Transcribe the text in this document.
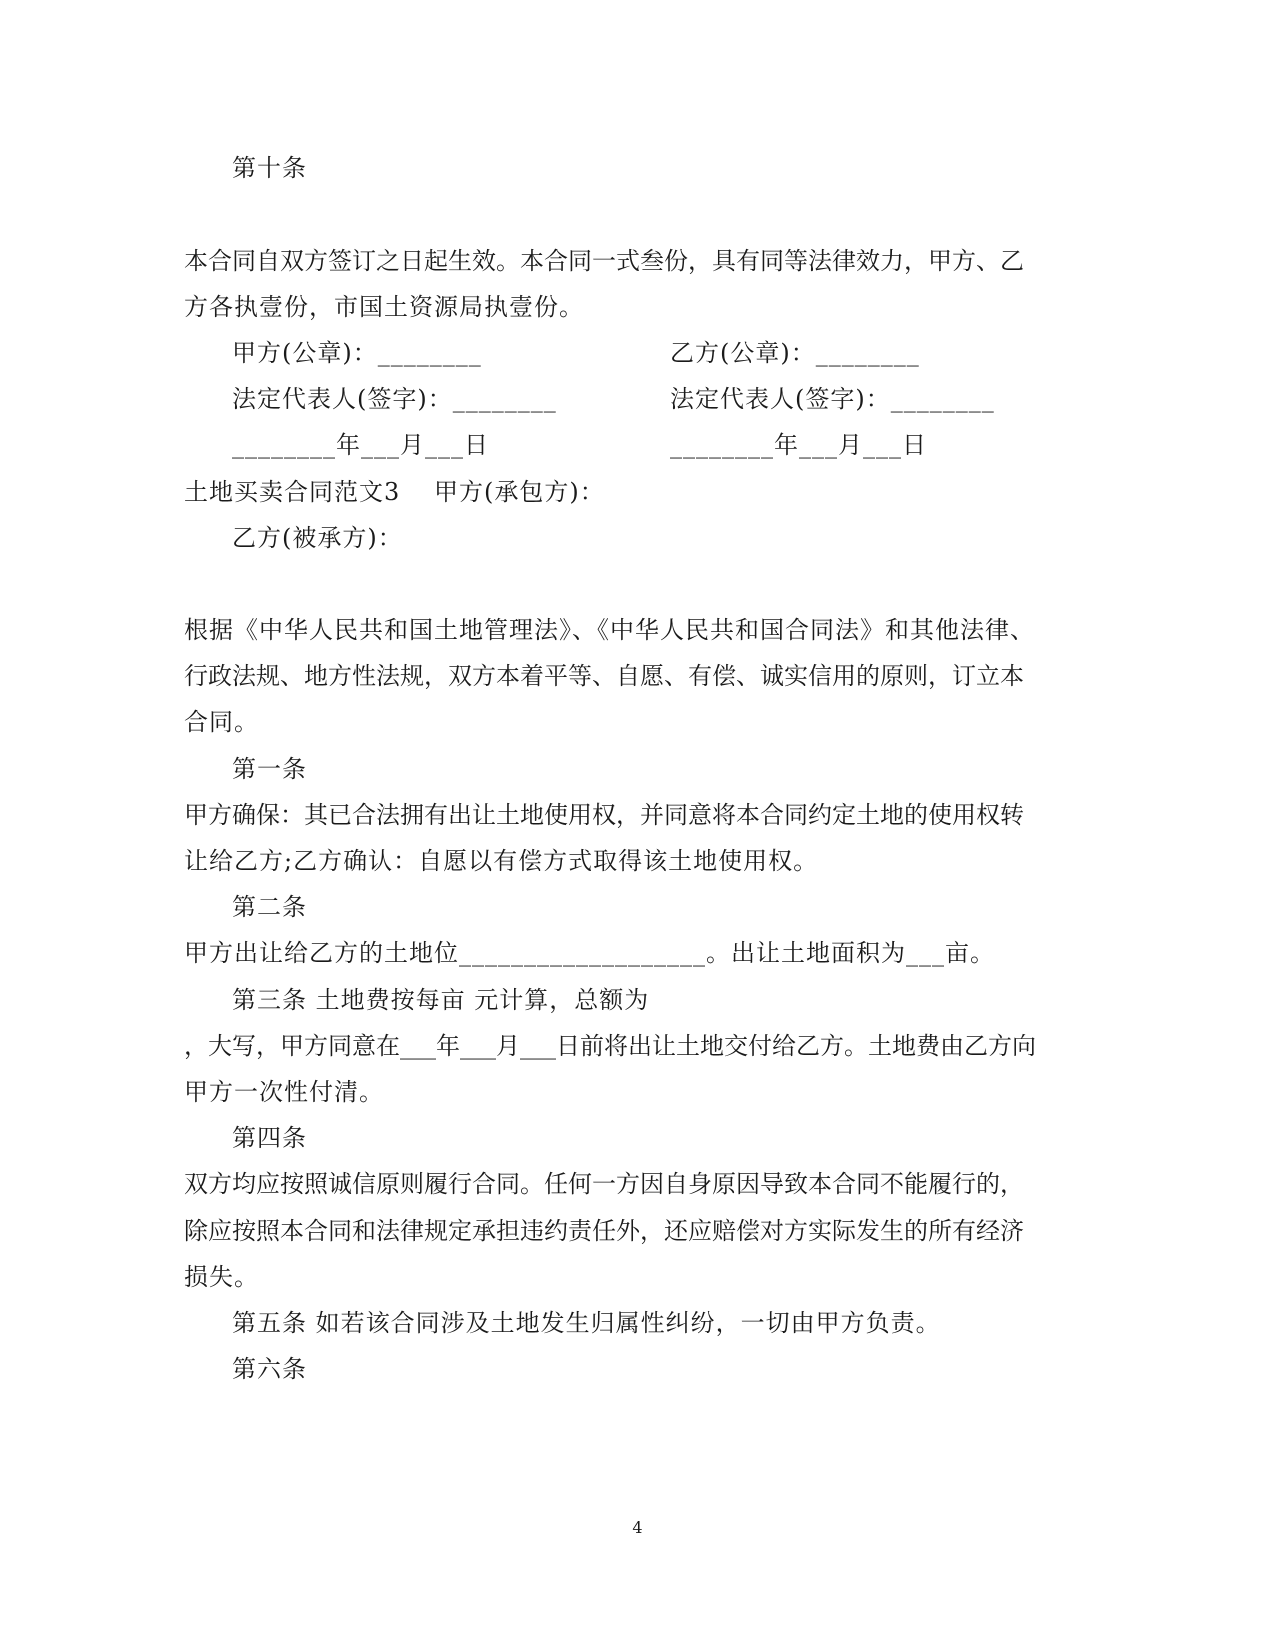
第十条
本合同自双方签订之日起生效。本合同一式叁份，具有同等法律效力，甲方、乙
方各执壹份，市国土资源局执壹份。
甲方(公章)：________	乙方(公章)：________
法定代表人(签字)：________	法定代表人(签字)：________
________年___月___日	________年___月___日
土地买卖合同范文3 甲方(承包方)：
乙方(被承方)：
根据《中华人民共和国土地管理法》、《中华人民共和国合同法》和其他法律、
行政法规、地方性法规，双方本着平等、自愿、有偿、诚实信用的原则，订立本
合同。
第一条
甲方确保：其已合法拥有出让土地使用权，并同意将本合同约定土地的使用权转
让给乙方;乙方确认：自愿以有偿方式取得该土地使用权。
第二条
甲方出让给乙方的土地位___________________。出让土地面积为___亩。
第三条 土地费按每亩 元计算，总额为
，大写，甲方同意在___年___月___日前将出让土地交付给乙方。土地费由乙方向
甲方一次性付清。
第四条
双方均应按照诚信原则履行合同。任何一方因自身原因导致本合同不能履行的，
除应按照本合同和法律规定承担违约责任外，还应赔偿对方实际发生的所有经济
损失。
第五条 如若该合同涉及土地发生归属性纠纷，一切由甲方负责。
第六条
4
